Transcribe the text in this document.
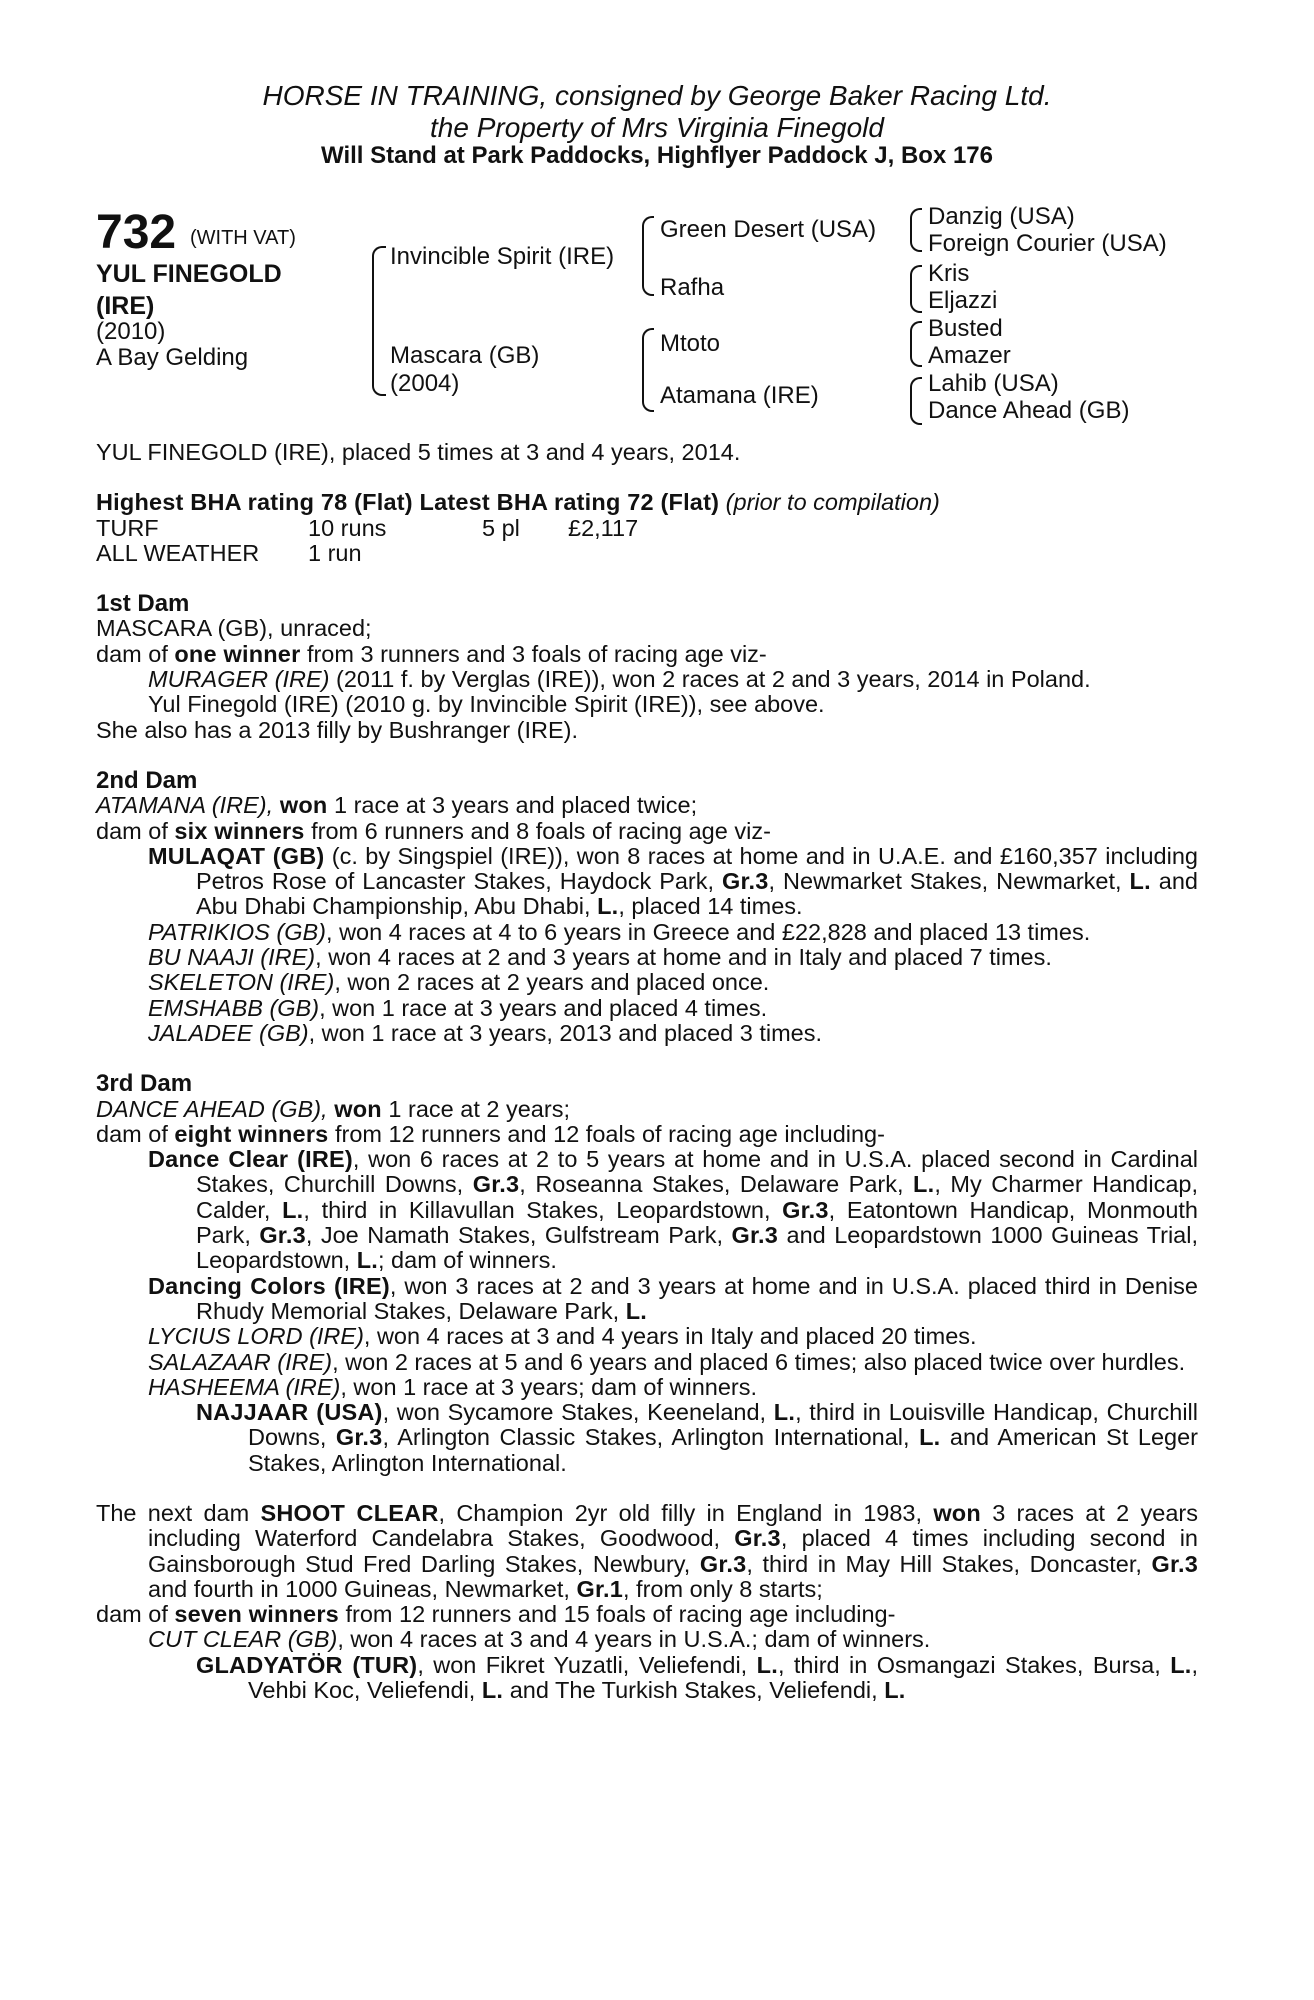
HORSE IN TRAINING, consigned by George Baker Racing Ltd.
the Property of Mrs Virginia Finegold
Will Stand at Park Paddocks, Highflyer Paddock J, Box 176
732 (WITH VAT)
YUL FINEGOLD (IRE)
(2010)
A Bay Gelding
Invincible Spirit (IRE)
Mascara (GB)
(2004)
Green Desert (USA)
Rafha
Mtoto
Atamana (IRE)
Danzig (USA)
Foreign Courier (USA)
Kris
Eljazzi
Busted
Amazer
Lahib (USA)
Dance Ahead (GB)

YUL FINEGOLD (IRE), placed 5 times at 3 and 4 years, 2014.

Highest BHA rating 78 (Flat) Latest BHA rating 72 (Flat) (prior to compilation)

TURF	10 runs	5 pl £2,117

ALL WEATHER 1 run

1st Dam

MASCARA (GB), unraced;

dam of one winner from 3 runners and 3 foals of racing age viz-

MURAGER (IRE) (2011 f. by Verglas (IRE)), won 2 races at 2 and 3 years, 2014 in Poland.

Yul Finegold (IRE) (2010 g. by Invincible Spirit (IRE)), see above.

She also has a 2013 filly by Bushranger (IRE).

2nd Dam

ATAMANA (IRE), won 1 race at 3 years and placed twice;

dam of six winners from 6 runners and 8 foals of racing age viz-

MULAQAT (GB) (c. by Singspiel (IRE)), won 8 races at home and in U.A.E. and £160,357 including Petros Rose of Lancaster Stakes, Haydock Park, Gr.3, Newmarket Stakes, Newmarket, L. and Abu Dhabi Championship, Abu Dhabi, L., placed 14 times.

PATRIKIOS (GB), won 4 races at 4 to 6 years in Greece and £22,828 and placed 13 times.

BU NAAJI (IRE), won 4 races at 2 and 3 years at home and in Italy and placed 7 times.

SKELETON (IRE), won 2 races at 2 years and placed once.

EMSHABB (GB), won 1 race at 3 years and placed 4 times.

JALADEE (GB), won 1 race at 3 years, 2013 and placed 3 times.

3rd Dam

DANCE AHEAD (GB), won 1 race at 2 years;

dam of eight winners from 12 runners and 12 foals of racing age including-

Dance Clear (IRE), won 6 races at 2 to 5 years at home and in U.S.A. placed second in Cardinal Stakes, Churchill Downs, Gr.3, Roseanna Stakes, Delaware Park, L., My Charmer Handicap, Calder, L., third in Killavullan Stakes, Leopardstown, Gr.3, Eatontown Handicap, Monmouth Park, Gr.3, Joe Namath Stakes, Gulfstream Park, Gr.3 and Leopardstown 1000 Guineas Trial, Leopardstown, L.; dam of winners.

Dancing Colors (IRE), won 3 races at 2 and 3 years at home and in U.S.A. placed third in Denise Rhudy Memorial Stakes, Delaware Park, L.

LYCIUS LORD (IRE), won 4 races at 3 and 4 years in Italy and placed 20 times.

SALAZAAR (IRE), won 2 races at 5 and 6 years and placed 6 times; also placed twice over hurdles.

HASHEEMA (IRE), won 1 race at 3 years; dam of winners.

NAJJAAR (USA), won Sycamore Stakes, Keeneland, L., third in Louisville Handicap, Churchill Downs, Gr.3, Arlington Classic Stakes, Arlington International, L. and American St Leger Stakes, Arlington International.

The next dam SHOOT CLEAR, Champion 2yr old filly in England in 1983, won 3 races at 2 years including Waterford Candelabra Stakes, Goodwood, Gr.3, placed 4 times including second in Gainsborough Stud Fred Darling Stakes, Newbury, Gr.3, third in May Hill Stakes, Doncaster, Gr.3 and fourth in 1000 Guineas, Newmarket, Gr.1, from only 8 starts;

dam of seven winners from 12 runners and 15 foals of racing age including-

CUT CLEAR (GB), won 4 races at 3 and 4 years in U.S.A.; dam of winners.

GLADYATÖR (TUR), won Fikret Yuzatli, Veliefendi, L., third in Osmangazi Stakes, Bursa, L., Vehbi Koc, Veliefendi, L. and The Turkish Stakes, Veliefendi, L.
